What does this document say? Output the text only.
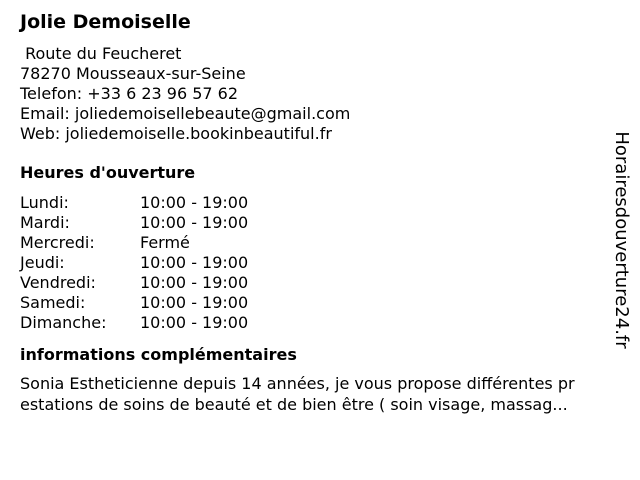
Jolie Demoiselle
Route du Feucheret
78270 Mousseaux-sur-Seine
Telefon: +33 6 23 96 57 62
Email: joliedemoisellebeaute@gmail.com
Web: joliedemoiselle.bookinbeautiful.fr
Heures d'ouverture
Lundi:	10:00 - 19:00
Mardi:	10:00 - 19:00
Mercredi:	Fermé
Jeudi:	10:00 - 19:00
Vendredi:	10:00 - 19:00
Samedi:	10:00 - 19:00
Dimanche:	10:00 - 19:00
informations complémentaires
Sonia Estheticienne depuis 14 années, je vous propose différentes pr
estations de soins de beauté et de bien être ( soin visage, massag...
Horairesdouverture24.fr
